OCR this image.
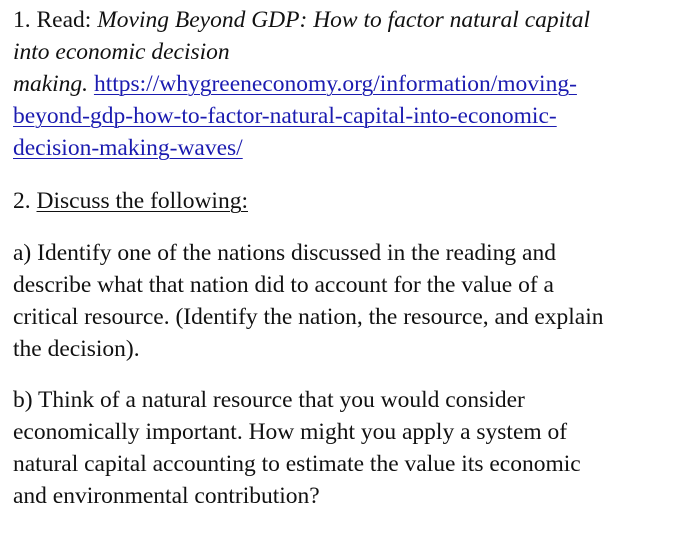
1. Read: Moving Beyond GDP: How to factor natural capital
into economic decision
making. https://whygreeneconomy.org/information/moving-
beyond-gdp-how-to-factor-natural-capital-into-economic-
decision-making-waves/
2. Discuss the following:
a) Identify one of the nations discussed in the reading and
describe what that nation did to account for the value of a
critical resource. (Identify the nation, the resource, and explain
the decision).
b) Think of a natural resource that you would consider
economically important. How might you apply a system of
natural capital accounting to estimate the value its economic
and environmental contribution?
